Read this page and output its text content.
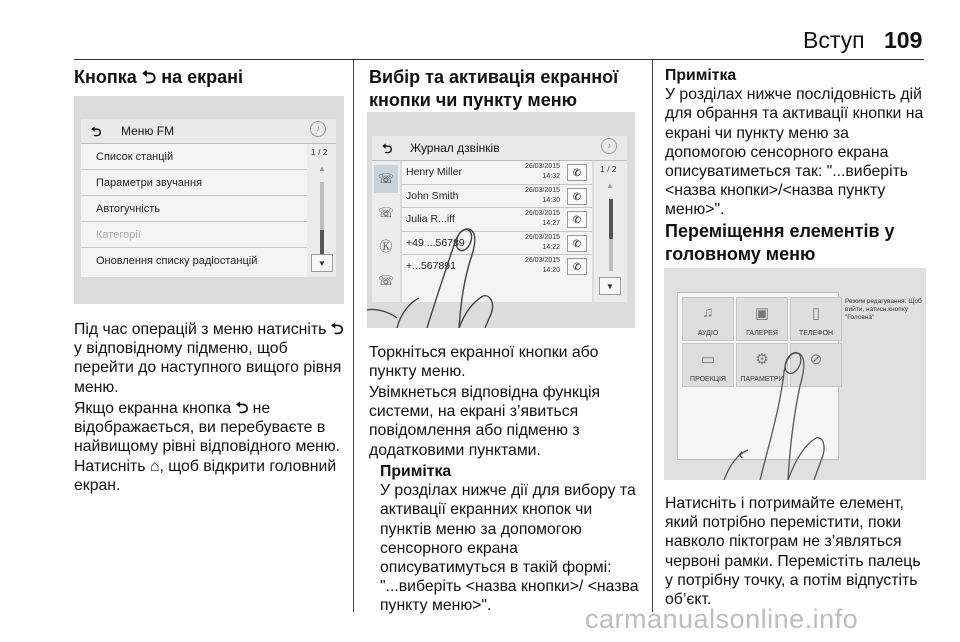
Вступ 109
Кнопка ⮌ на екрані
⮌ Меню FM	♪
Список станцій
Параметри звучання
Автогучність
Категорії
Оновлення списку радіостанцій
1 / 2
▲
▼
Під час операцій з меню натисніть ⮌ у відповідному підменю, щоб перейти до наступного вищого рівня меню.
Якщо екранна кнопка ⮌ не відображається, ви перебуваєте в найвищому рівні відповідного меню. Натисніть ⌂, щоб відкрити головний екран.
Вибір та активація екранної кнопки чи пункту меню
⮌ Журнал дзвінків	♪
☏
☏
Ⓚ
☏
Henry Miller	26/03/2015
14:32	✆
John Smith	26/03/2015
14:30	✆
Julia R...iff	26/03/2015
14:27	✆
+49 ...56789	26/03/2015
14:22	✆
+...567891	26/03/2015
14:20	✆
1 / 2
▲
▼
Торкніться екранної кнопки або пункту меню.
Увімкнеться відповідна функція системи, на екрані з’явиться повідомлення або підменю з додатковими пунктами.
Примітка
У розділах нижче дії для вибору та активації екранних кнопок чи пунктів меню за допомогою сенсорного екрана описуватимуться в такій формі: "...виберіть <назва кнопки>/ <назва пункту меню>".
Примітка
У розділах нижче послідовність дій для обрання та активації кнопки на екрані чи пункту меню за допомогою сенсорного екрана описуватиметься так: "...виберіть <назва кнопки>/<назва пункту меню>".
Переміщення елементів у головному меню
♫
АУДІО
▣
ГАЛЕРЕЯ
▯
ТЕЛЕФОН
▭
ПРОЕКЦІЯ
⚙
ПАРАМЕТРИ
⊘
‹
Режим редагування: Щоб вийти, натисн.кнопку "Головна"
Натисніть і потримайте елемент, який потрібно перемістити, поки навколо піктограм не з’являться червоні рамки. Перемістіть палець у потрібну точку, а потім відпустіть об’єкт.
carmanualsonline.info
